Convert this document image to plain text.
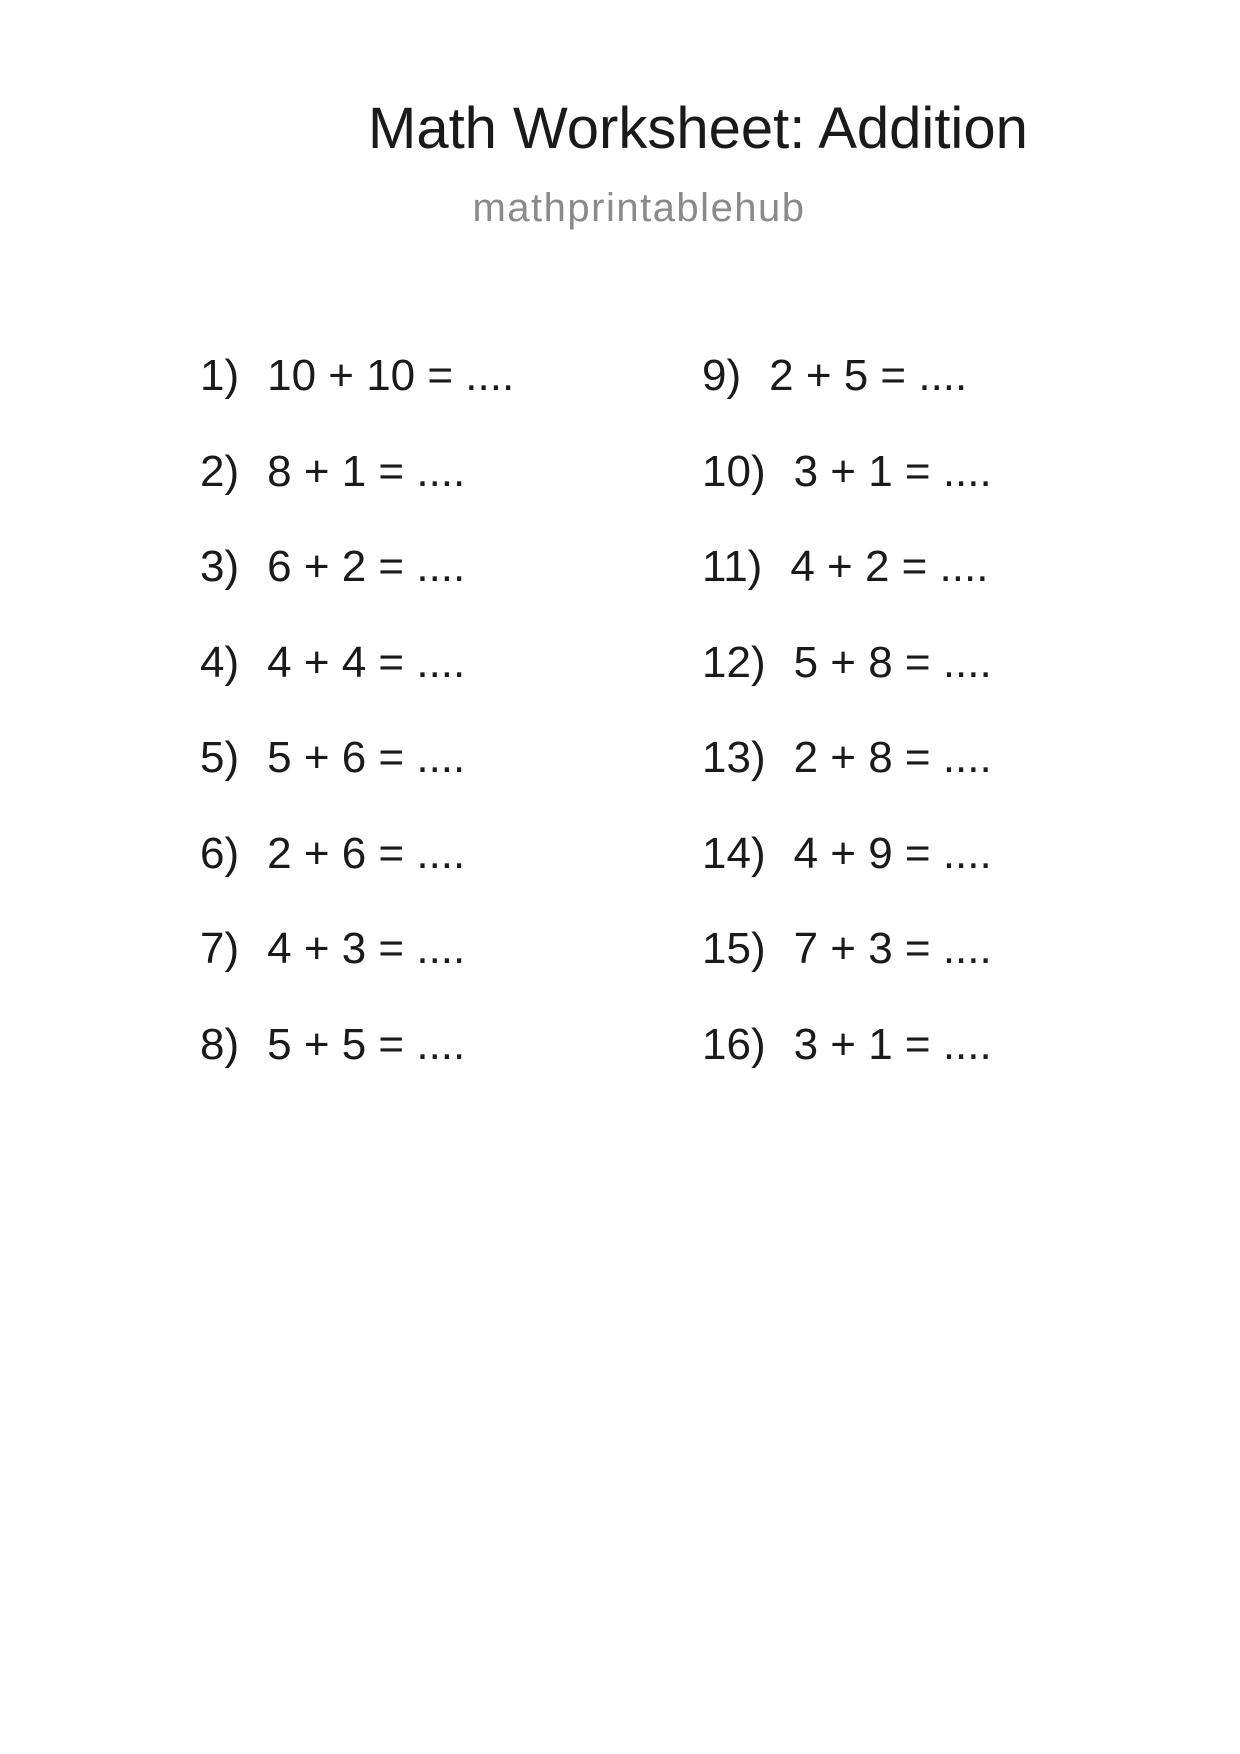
Math Worksheet: Addition
mathprintablehub
1) 10 + 10 = ....
2) 8 + 1 = ....
3) 6 + 2 = ....
4) 4 + 4 = ....
5) 5 + 6 = ....
6) 2 + 6 = ....
7) 4 + 3 = ....
8) 5 + 5 = ....
9) 2 + 5 = ....
10) 3 + 1 = ....
11) 4 + 2 = ....
12) 5 + 8 = ....
13) 2 + 8 = ....
14) 4 + 9 = ....
15) 7 + 3 = ....
16) 3 + 1 = ....
